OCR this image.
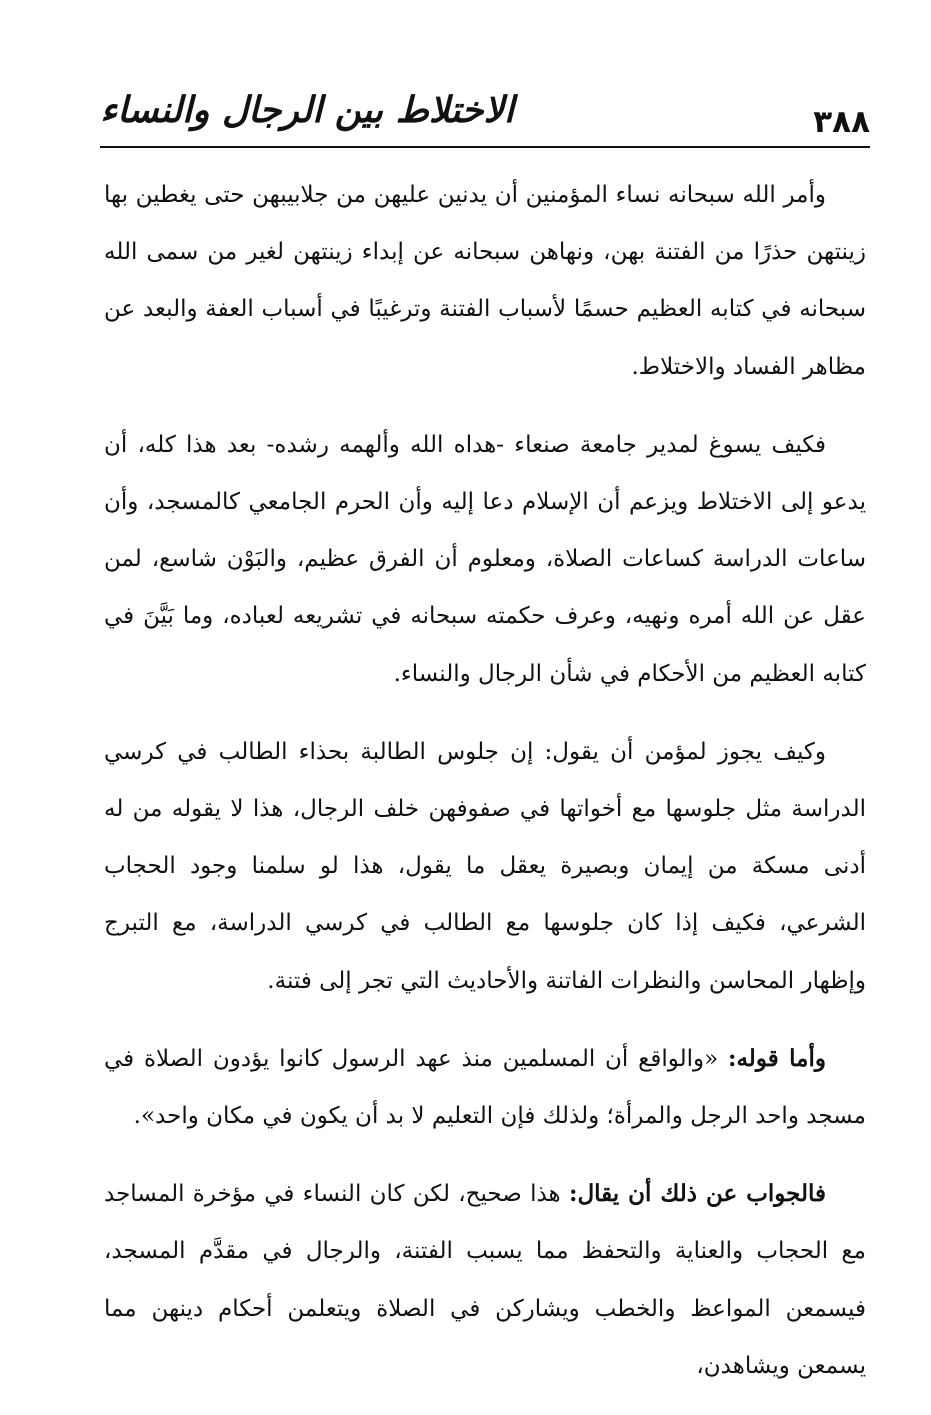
الاختلاط بين الرجال والنساء	٣٨٨

وأمر الله سبحانه نساء المؤمنين أن يدنين عليهن من جلابيبهن حتى يغطين بها زينتهن حذرًا من الفتنة بهن، ونهاهن سبحانه عن إبداء زينتهن لغير من سمى الله سبحانه في كتابه العظيم حسمًا لأسباب الفتنة وترغيبًا في أسباب العفة والبعد عن مظاهر الفساد والاختلاط.

فكيف يسوغ لمدير جامعة صنعاء -هداه الله وألهمه رشده- بعد هذا كله، أن يدعو إلى الاختلاط ويزعم أن الإسلام دعا إليه وأن الحرم الجامعي كالمسجد، وأن ساعات الدراسة كساعات الصلاة، ومعلوم أن الفرق عظيم، والبَوْن شاسع، لمن عقل عن الله أمره ونهيه، وعرف حكمته سبحانه في تشريعه لعباده، وما بَيَّنَ في كتابه العظيم من الأحكام في شأن الرجال والنساء.

وكيف يجوز لمؤمن أن يقول: إن جلوس الطالبة بحذاء الطالب في كرسي الدراسة مثل جلوسها مع أخواتها في صفوفهن خلف الرجال، هذا لا يقوله من له أدنى مسكة من إيمان وبصيرة يعقل ما يقول، هذا لو سلمنا وجود الحجاب الشرعي، فكيف إذا كان جلوسها مع الطالب في كرسي الدراسة، مع التبرج وإظهار المحاسن والنظرات الفاتنة والأحاديث التي تجر إلى فتنة.

وأما قوله: «والواقع أن المسلمين منذ عهد الرسول كانوا يؤدون الصلاة في مسجد واحد الرجل والمرأة؛ ولذلك فإن التعليم لا بد أن يكون في مكان واحد».

فالجواب عن ذلك أن يقال: هذا صحيح، لكن كان النساء في مؤخرة المساجد مع الحجاب والعناية والتحفظ مما يسبب الفتنة، والرجال في مقدَّم المسجد، فيسمعن المواعظ والخطب ويشاركن في الصلاة ويتعلمن أحكام دينهن مما يسمعن ويشاهدن،
